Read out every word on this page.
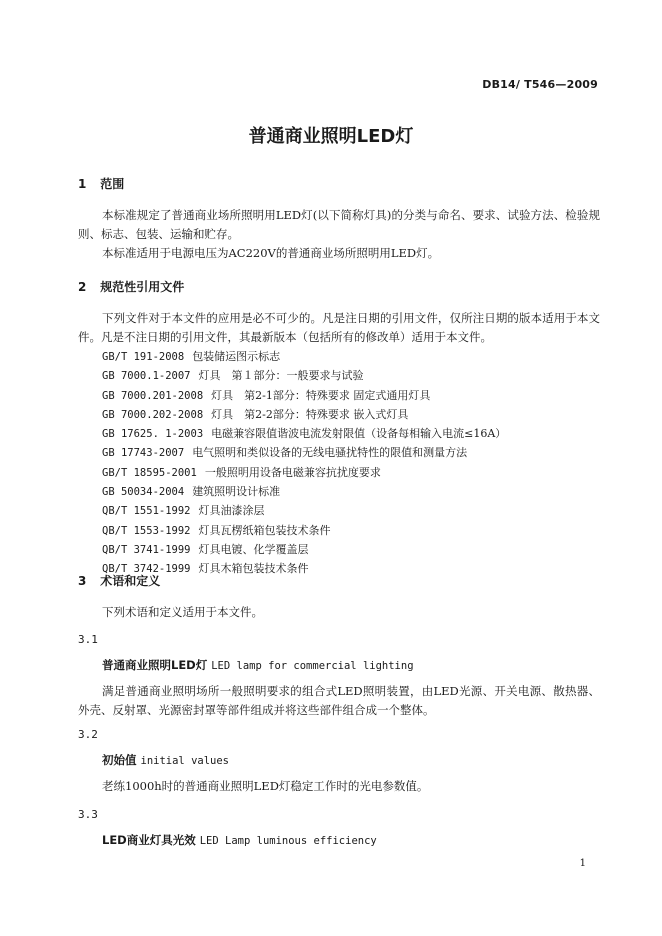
DB14/ T546—2009
普通商业照明LED灯
1 范围
本标准规定了普通商业场所照明用LED灯(以下简称灯具)的分类与命名、要求、试验方法、检验规则、标志、包装、运输和贮存。
本标准适用于电源电压为AC220V的普通商业场所照明用LED灯。
2 规范性引用文件
下列文件对于本文件的应用是必不可少的。凡是注日期的引用文件，仅所注日期的版本适用于本文件。凡是不注日期的引用文件，其最新版本（包括所有的修改单）适用于本文件。
GB/T 191-2008 包装储运图示标志
GB 7000.1-2007 灯具　第１部分：一般要求与试验
GB 7000.201-2008 灯具　第2-1部分：特殊要求 固定式通用灯具
GB 7000.202-2008 灯具　第2-2部分：特殊要求 嵌入式灯具
GB 17625. 1-2003 电磁兼容限值谐波电流发射限值（设备每相输入电流≤16A）
GB 17743-2007 电气照明和类似设备的无线电骚扰特性的限值和测量方法
GB/T 18595-2001 一般照明用设备电磁兼容抗扰度要求
GB 50034-2004 建筑照明设计标准
QB/T 1551-1992 灯具油漆涂层
QB/T 1553-1992 灯具瓦楞纸箱包装技术条件
QB/T 3741-1999 灯具电镀、化学覆盖层
QB/T 3742-1999 灯具木箱包装技术条件
3 术语和定义
下列术语和定义适用于本文件。
3.1
普通商业照明LED灯 LED lamp for commercial lighting
满足普通商业照明场所一般照明要求的组合式LED照明装置，由LED光源、开关电源、散热器、外壳、反射罩、光源密封罩等部件组成并将这些部件组合成一个整体。
3.2
初始值 initial values
老练1000h时的普通商业照明LED灯稳定工作时的光电参数值。
3.3
LED商业灯具光效 LED Lamp luminous efficiency
1
